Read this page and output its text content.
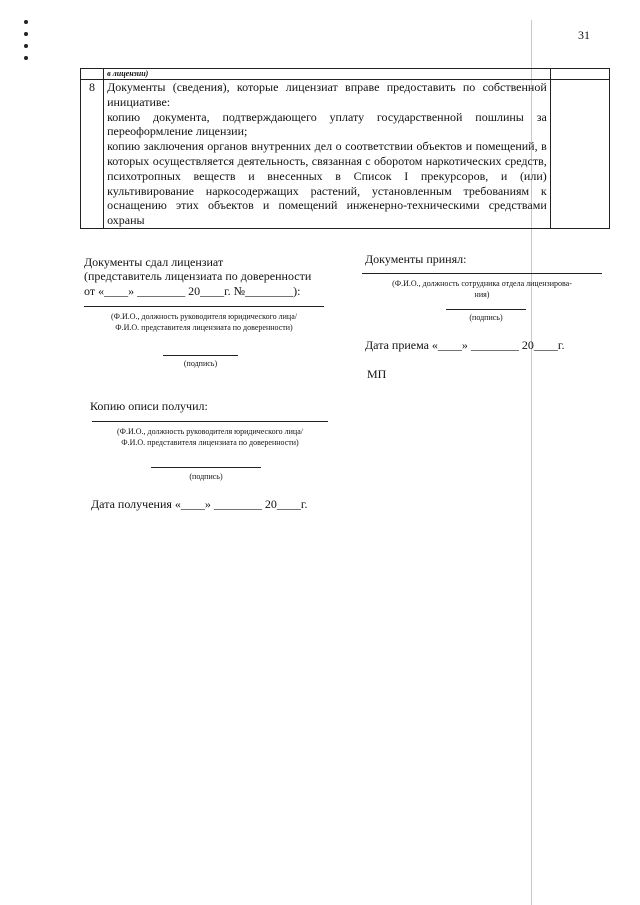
31
	в лицензии)	
8	Документы (сведения), которые лицензиат вправе предоставить по собственной инициативе:

копию документа, подтверждающего уплату государственной пошлины за переоформление лицензии;

копию заключения органов внутренних дел о соответствии объектов и помещений, в которых осуществляется деятельность, связанная с оборотом наркотических средств, психотропных веществ и внесенных в Список I прекурсоров, и (или) культивирование наркосодержащих растений, установленным требованиям к оснащению этих объектов и помещений инженерно-техническими средствами охраны	

Документы сдал лицензиат
(представитель лицензиата по доверенности
от «____» ________ 20____г. №________):
(Ф.И.О., должность руководителя юридического лица/
Ф.И.О. представителя лицензиата по доверенности)
(подпись)
Документы принял:
(Ф.И.О., должность сотрудника отдела лицензирова-
ния)
(подпись)
Дата приема «____» ________ 20____г.
МП
Копию описи получил:
(Ф.И.О., должность руководителя юридического лица/
Ф.И.О. представителя лицензиата по доверенности)
(подпись)
Дата получения «____» ________ 20____г.
